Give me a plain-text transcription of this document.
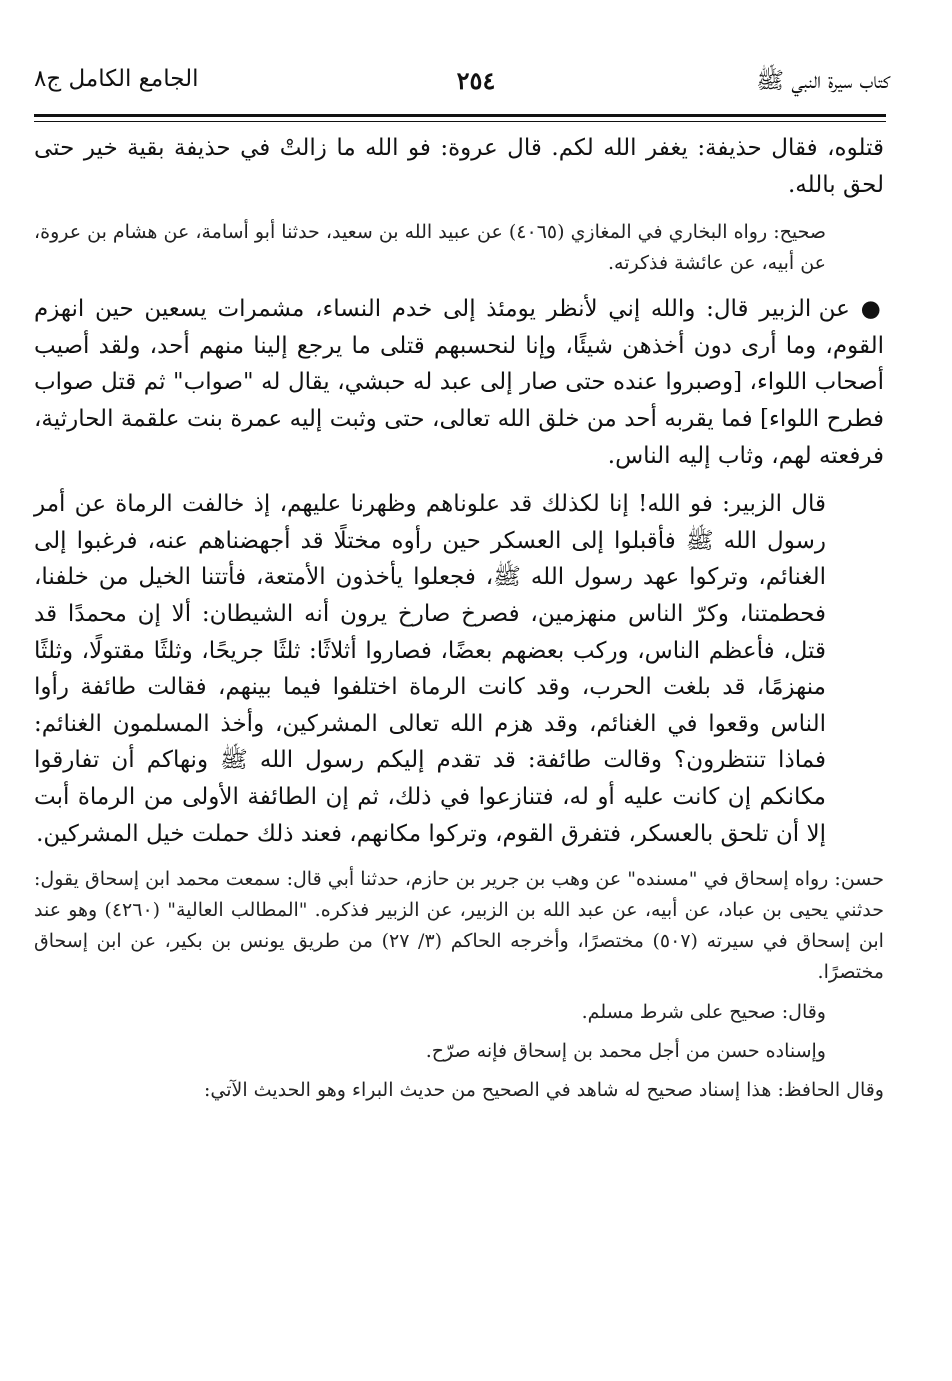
كتاب سيرة النبي ﷺ
٢٥٤
الجامع الكامل ج٨

قتلوه، فقال حذيفة: يغفر الله لكم. قال عروة: فو الله ما زالتْ في حذيفة بقية خير حتى لحق بالله.

صحيح: رواه البخاري في المغازي (٤٠٦٥) عن عبيد الله بن سعيد، حدثنا أبو أسامة، عن هشام بن عروة، عن أبيه، عن عائشة فذكرته.

● عن الزبير قال: والله إني لأنظر يومئذ إلى خدم النساء، مشمرات يسعين حين انهزم القوم، وما أرى دون أخذهن شيئًا، وإنا لنحسبهم قتلى ما يرجع إلينا منهم أحد، ولقد أصيب أصحاب اللواء، [وصبروا عنده حتى صار إلى عبد له حبشي، يقال له "صواب" ثم قتل صواب فطرح اللواء] فما يقربه أحد من خلق الله تعالى، حتى وثبت إليه عمرة بنت علقمة الحارثية، فرفعته لهم، وثاب إليه الناس.

قال الزبير: فو الله! إنا لكذلك قد علوناهم وظهرنا عليهم، إذ خالفت الرماة عن أمر رسول الله ﷺ فأقبلوا إلى العسكر حين رأوه مختلًا قد أجهضناهم عنه، فرغبوا إلى الغنائم، وتركوا عهد رسول الله ﷺ، فجعلوا يأخذون الأمتعة، فأتتنا الخيل من خلفنا، فحطمتنا، وكرّ الناس منهزمين، فصرخ صارخ يرون أنه الشيطان: ألا إن محمدًا قد قتل، فأعظم الناس، وركب بعضهم بعضًا، فصاروا أثلاثًا: ثلثًا جريحًا، وثلثًا مقتولًا، وثلثًا منهزمًا، قد بلغت الحرب، وقد كانت الرماة اختلفوا فيما بينهم، فقالت طائفة رأوا الناس وقعوا في الغنائم، وقد هزم الله تعالى المشركين، وأخذ المسلمون الغنائم: فماذا تنتظرون؟ وقالت طائفة: قد تقدم إليكم رسول الله ﷺ ونهاكم أن تفارقوا مكانكم إن كانت عليه أو له، فتنازعوا في ذلك، ثم إن الطائفة الأولى من الرماة أبت إلا أن تلحق بالعسكر، فتفرق القوم، وتركوا مكانهم، فعند ذلك حملت خيل المشركين.

حسن: رواه إسحاق في "مسنده" عن وهب بن جرير بن حازم، حدثنا أبي قال: سمعت محمد ابن إسحاق يقول: حدثني يحيى بن عباد، عن أبيه، عن عبد الله بن الزبير، عن الزبير فذكره. "المطالب العالية" (٤٢٦٠) وهو عند ابن إسحاق في سيرته (٥٠٧) مختصرًا، وأخرجه الحاكم (٣/ ٢٧) من طريق يونس بن بكير، عن ابن إسحاق مختصرًا.

وقال: صحيح على شرط مسلم.

وإسناده حسن من أجل محمد بن إسحاق فإنه صرّح.

وقال الحافظ: هذا إسناد صحيح له شاهد في الصحيح من حديث البراء وهو الحديث الآتي:
